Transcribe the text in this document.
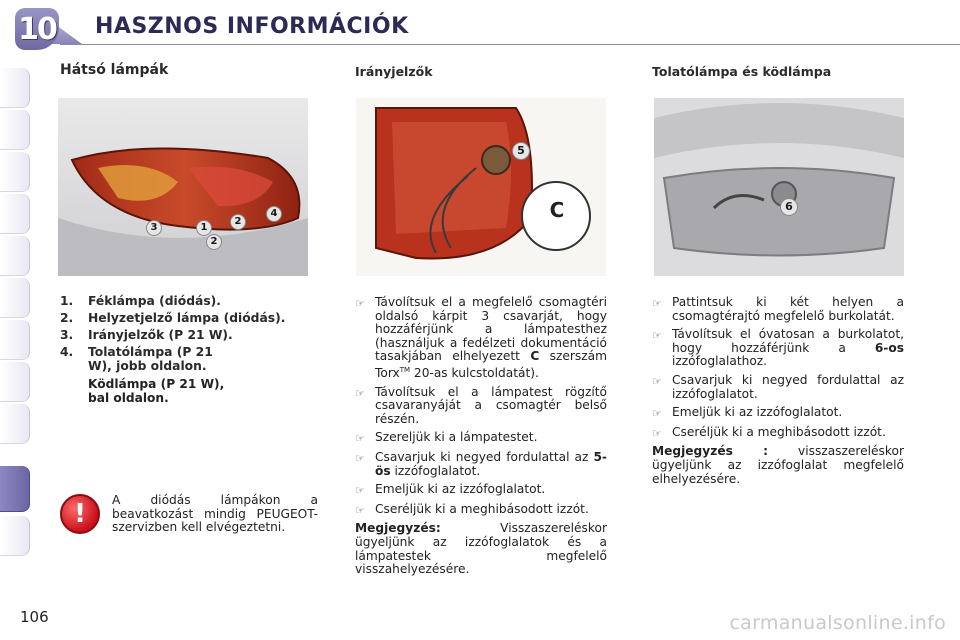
10 HASZNOS INFORMÁCIÓK
Hátsó lámpák	Irányjelzők	Tolatólámpa és ködlámpa
3	1
2
4
2
5
C	6
1.	Féklámpa (diódás).
2.	Helyzetjelző lámpa (diódás).
3.	Irányjelzők (P 21 W).
4.	Tolatólámpa (P 21 W), jobb oldalon.
Ködlámpa (P 21 W), bal oldalon.
!	A diódás lámpákon a beavatkozást mindig PEUGEOT-szervizben kell elvégeztetni.
☞ Távolítsuk el a megfelelő csomagtéri oldalsó kárpit 3 csavarját, hogy hozzáférjünk a lámpatesthez (használjuk a fedélzeti dokumentáció tasakjában elhelyezett C szerszám Torx™ 20-as kulcstoldatát).
☞ Távolítsuk el a lámpatest rögzítő csavaranyáját a csomagtér belső részén.
☞ Szereljük ki a lámpatestet.
☞ Csavarjuk ki negyed fordulattal az 5-ös izzófoglalatot.
☞ Emeljük ki az izzófoglalatot.
☞ Cseréljük ki a meghibásodott izzót.
Megjegyzés: Visszaszereléskor ügyeljünk az izzófoglalatok és a lámpatestek megfelelő visszahelyezésére.
☞ Pattintsuk ki két helyen a csomagtérajtó megfelelő burkolatát.
☞ Távolítsuk el óvatosan a burkolatot, hogy hozzáférjünk a 6-os izzófoglalathoz.
☞ Csavarjuk ki negyed fordulattal az izzófoglalatot.
☞ Emeljük ki az izzófoglalatot.
☞ Cseréljük ki a meghibásodott izzót.
Megjegyzés : visszaszereléskor ügyeljünk az izzófoglalat megfelelő elhelyezésére.
106	carmanualsonline.info
